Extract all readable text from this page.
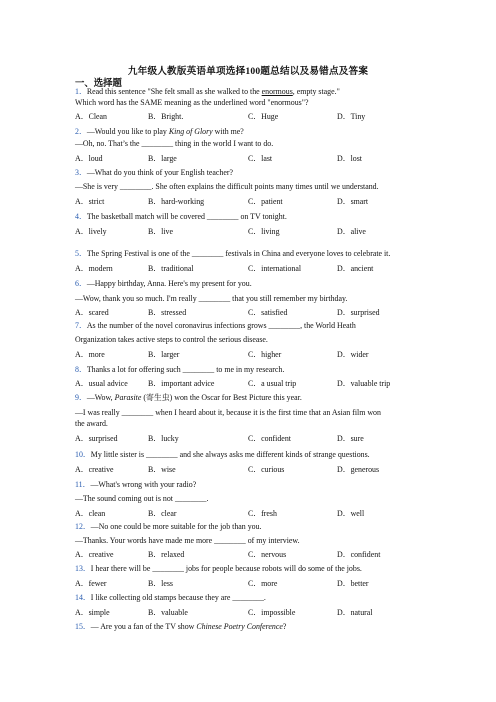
九年级人教版英语单项选择100题总结以及易错点及答案
一、选择题
1．Read this sentence "She felt small as she walked to the enormous, empty stage."
Which word has the SAME meaning as the underlined word "enormous"?
A．Clean	B．Bright.	C．Huge	D．Tiny
2．—Would you like to play King of Glory with me?
—Oh, no. That’s the ________ thing in the world I want to do.
A．loud	B．large	C．last	D．lost
3．—What do you think of your English teacher?
—She is very ________. She often explains the difficult points many times until we understand.
A．strict	B．hard-working	C．patient	D．smart
4．The basketball match will be covered ________ on TV tonight.
A．lively	B．live	C．living	D．alive
5．The Spring Festival is one of the ________ festivals in China and everyone loves to celebrate it.
A．modern	B．traditional	C．international	D．ancient
6．—Happy birthday, Anna. Here's my present for you.
—Wow, thank you so much. I'm really ________ that you still remember my birthday.
A．scared	B．stressed	C．satisfied	D．surprised
7．As the number of the novel coronavirus infections grows ________, the World Heath
Organization takes active steps to control the serious disease.
A．more	B．larger	C．higher	D．wider
8．Thanks a lot for offering such ________ to me in my research.
A．usual advice	B．important advice	C．a usual trip	D．valuable trip
9．—Wow, Parasite (寄生虫) won the Oscar for Best Picture this year.
—I was really ________ when I heard about it, because it is the first time that an Asian film won
the award.
A．surprised	B．lucky	C．confident	D．sure
10．My little sister is ________ and she always asks me different kinds of strange questions.
A．creative	B．wise	C．curious	D．generous
11．—What's wrong with your radio?
—The sound coming out is not ________.
A．clean	B．clear	C．fresh	D．well
12．—No one could be more suitable for the job than you.
—Thanks. Your words have made me more ________ of my interview.
A．creative	B．relaxed	C．nervous	D．confident
13．I hear there will be ________ jobs for people because robots will do some of the jobs.
A．fewer	B．less	C．more	D．better
14．I like collecting old stamps because they are ________.
A．simple	B．valuable	C．impossible	D．natural
15．— Are you a fan of the TV show Chinese Poetry Conference?
